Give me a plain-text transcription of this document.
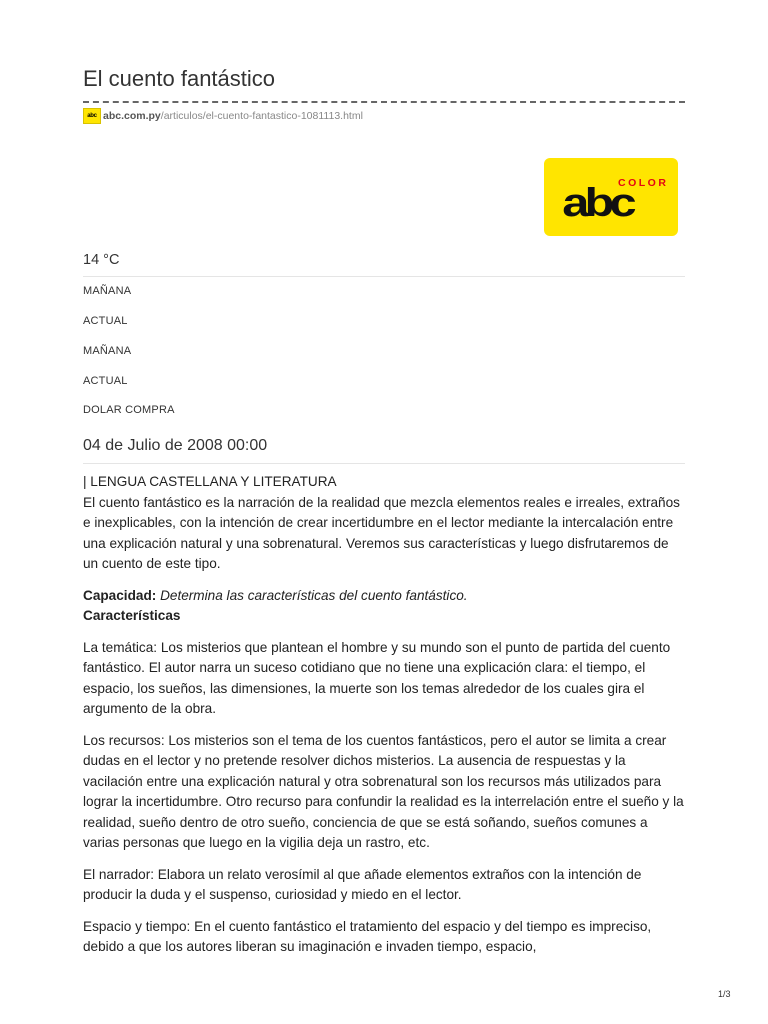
El cuento fantástico
abc abc.com.py /articulos/el-cuento-fantastico-1081113.html
COLOR
abc
14 °C
MAÑANA
ACTUAL
MAÑANA
ACTUAL
DOLAR COMPRA
04 de Julio de 2008 00:00

| LENGUA CASTELLANA Y LITERATURA

El cuento fantástico es la narración de la realidad que mezcla elementos reales e irreales, extraños e inexplicables, con la intención de crear incertidumbre en el lector mediante la intercalación entre una explicación natural y una sobrenatural. Veremos sus características y luego disfrutaremos de un cuento de este tipo.

Capacidad: Determina las características del cuento fantástico.

Características

La temática: Los misterios que plantean el hombre y su mundo son el punto de partida del cuento fantástico. El autor narra un suceso cotidiano que no tiene una explicación clara: el tiempo, el espacio, los sueños, las dimensiones, la muerte son los temas alrededor de los cuales gira el argumento de la obra.

Los recursos: Los misterios son el tema de los cuentos fantásticos, pero el autor se limita a crear dudas en el lector y no pretende resolver dichos misterios. La ausencia de respuestas y la vacilación entre una explicación natural y otra sobrenatural son los recursos más utilizados para lograr la incertidumbre. Otro recurso para confundir la realidad es la interrelación entre el sueño y la realidad, sueño dentro de otro sueño, conciencia de que se está soñando, sueños comunes a varias personas que luego en la vigilia deja un rastro, etc.

El narrador: Elabora un relato verosímil al que añade elementos extraños con la intención de producir la duda y el suspenso, curiosidad y miedo en el lector.

Espacio y tiempo: En el cuento fantástico el tratamiento del espacio y del tiempo es impreciso, debido a que los autores liberan su imaginación e invaden tiempo, espacio,

1/3
